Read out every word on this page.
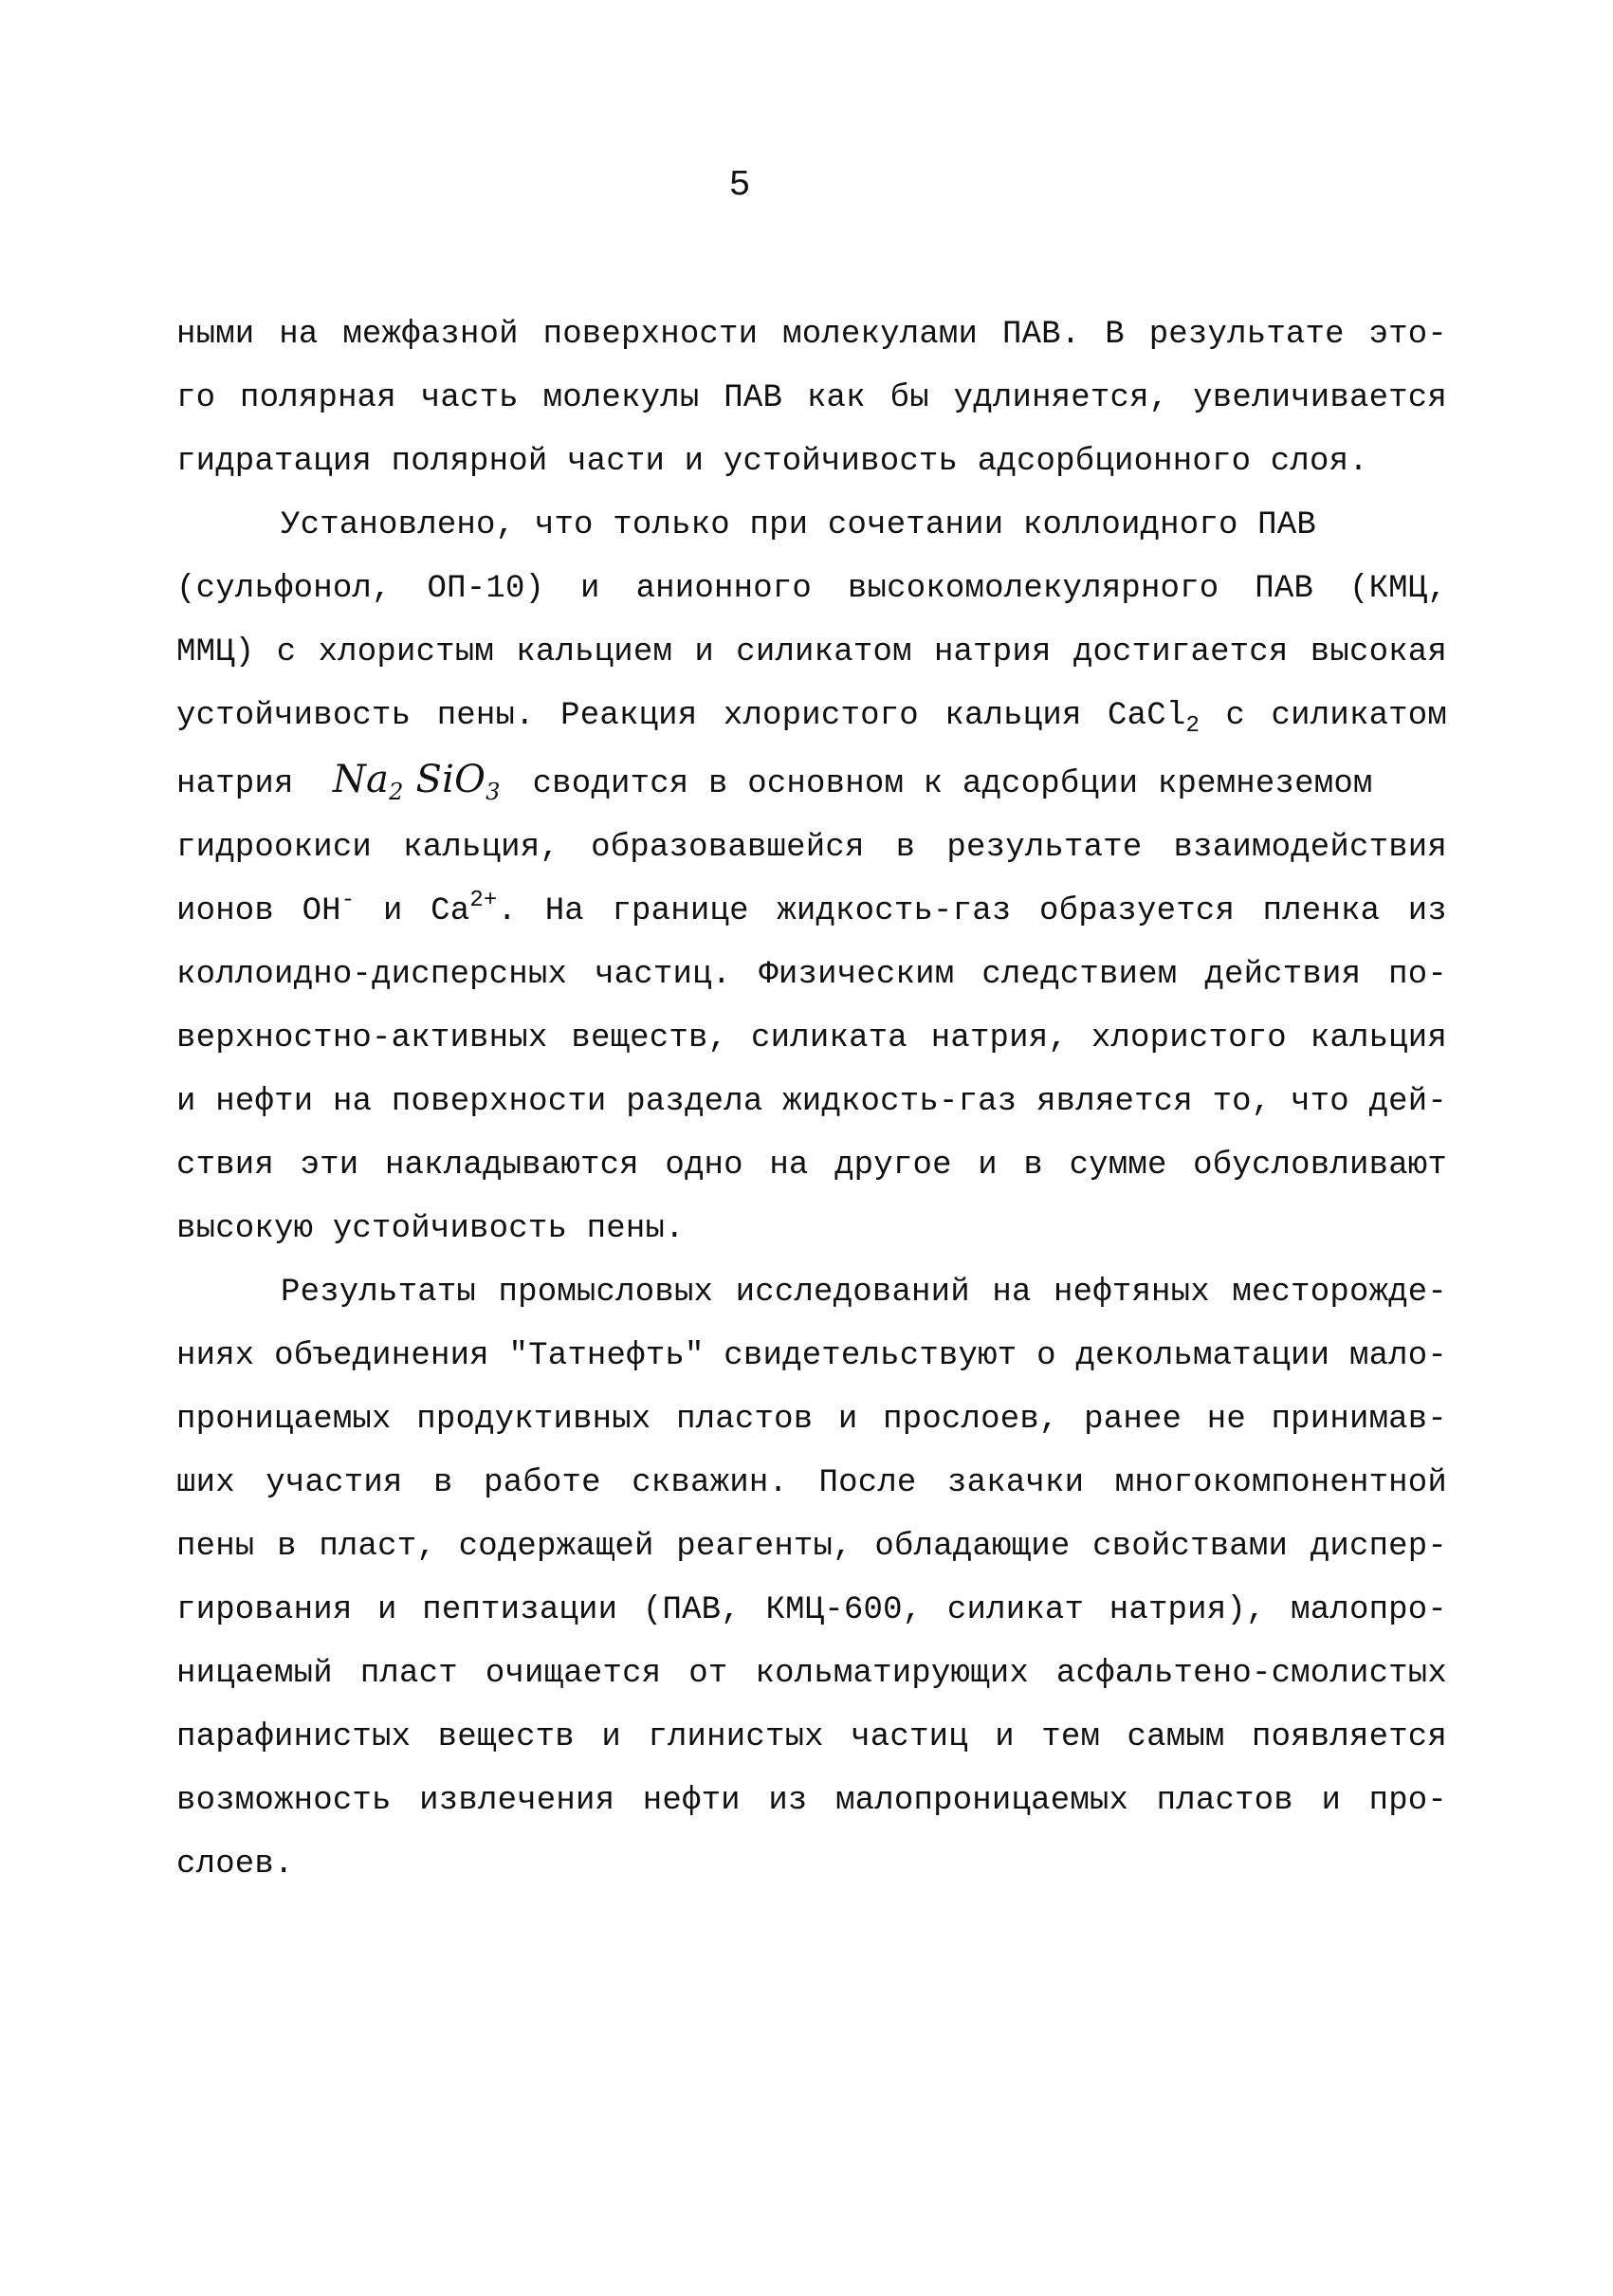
5
ными на межфазной поверхности молекулами ПАВ. В результате это-
го полярная часть молекулы ПАВ как бы удлиняется, увеличивается
гидратация полярной части и устойчивость адсорбционного слоя.
Установлено, что только при сочетании коллоидного ПАВ
(сульфонол, ОП-10) и анионного высокомолекулярного ПАВ (КМЦ,
ММЦ) с хлористым кальцием и силикатом натрия достигается высокая
устойчивость пены. Реакция хлористого кальция CaCl$_2$ с силикатом
натрия $Na_2$ SiO$_3$ сводится в основном к адсорбции кремнеземом
гидроокиси кальция, образовавшейся в результате взаимодействия
ионов OH- и $Ca^{2+}$. На границе жидкость-газ образуется пленка из
коллоидно-дисперсных частиц. Физическим следствием действия по-
верхностно-активных веществ, силиката натрия, хлористого кальция
и нефти на поверхности раздела жидкость-газ является то, что дей-
ствия эти накладываются одно на другое и в сумме обусловливают
высокую устойчивость пены.
Результаты промысловых исследований на нефтяных месторожде-
ниях объединения "Татнефть" свидетельствуют о декольматации мало-
проницаемых продуктивных пластов и прослоев, ранее не принимав-
ших участия в работе скважин. После закачки многокомпонентной
пены в пласт, содержащей реагенты, обладающие свойствами диспер-
гирования и пептизации (ПАВ, КМЦ-600, силикат натрия), малопро-
ницаемый пласт очищается от кольматирующих асфальтено-смолистых
парафинистых веществ и глинистых частиц и тем самым появляется
возможность извлечения нефти из малопроницаемых пластов и про-
слоев.
